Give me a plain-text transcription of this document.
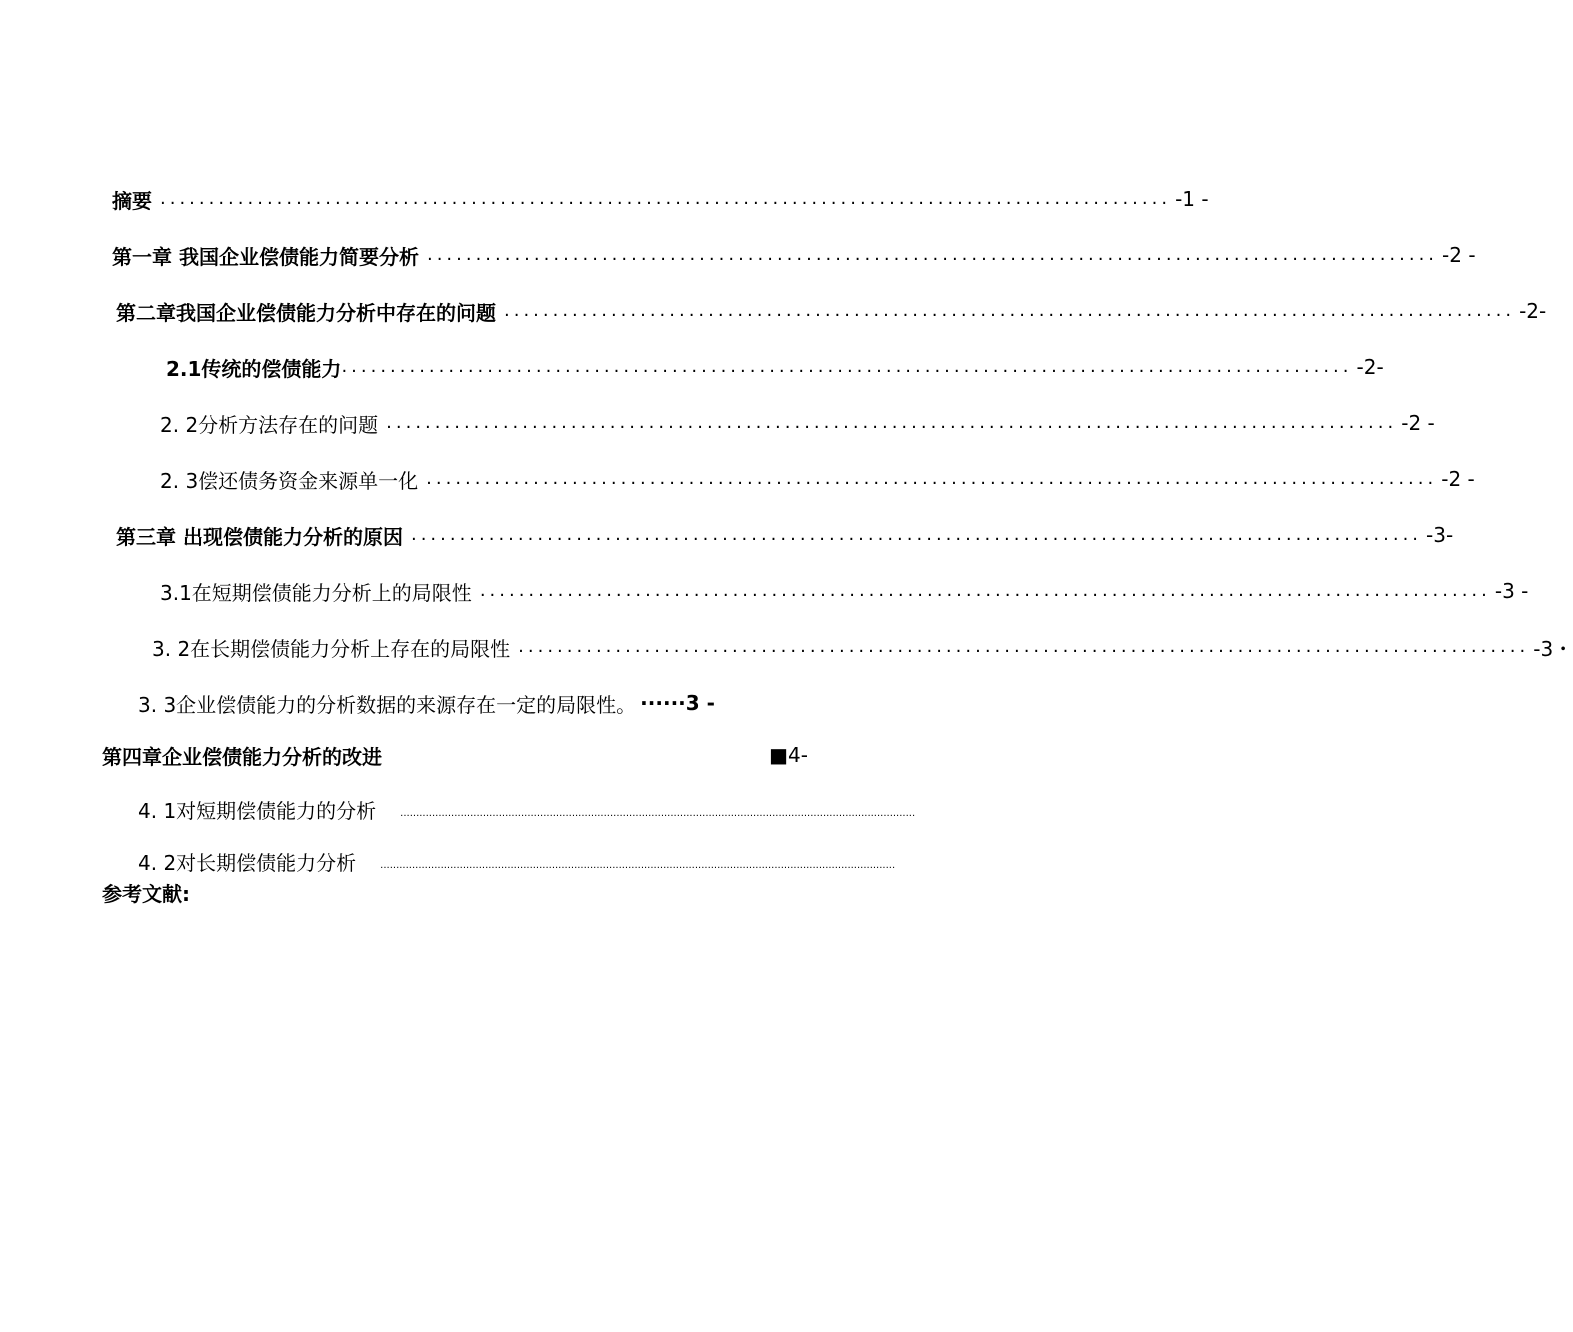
摘要 ........................................................................................................ -1 -
第一章 我国企业偿债能力简要分析 ........................................................................................................ -2 -
第二章我国企业偿债能力分析中存在的问题 ........................................................................................................ -2-
2.1传统的偿债能力 ........................................................................................................ -2-
2. 2分析方法存在的问题 ........................................................................................................ -2 -
2. 3偿还债务资金来源单一化 ........................................................................................................ -2 -
第三章 出现偿债能力分析的原因 ........................................................................................................ -3-
3.1在短期偿债能力分析上的局限性 ........................................................................................................ -3 -
3. 2在长期偿债能力分析上存在的局限性 ........................................................................................................ -3・
3. 3企业偿债能力的分析数据的来源存在一定的局限性。 ······3 -
第四章企业偿债能力分析的改进	■4-
4. 1对短期偿债能力的分析	..................................................................................................................................................................
4. 2对长期偿债能力分析	..................................................................................................................................................................
参考文献:
